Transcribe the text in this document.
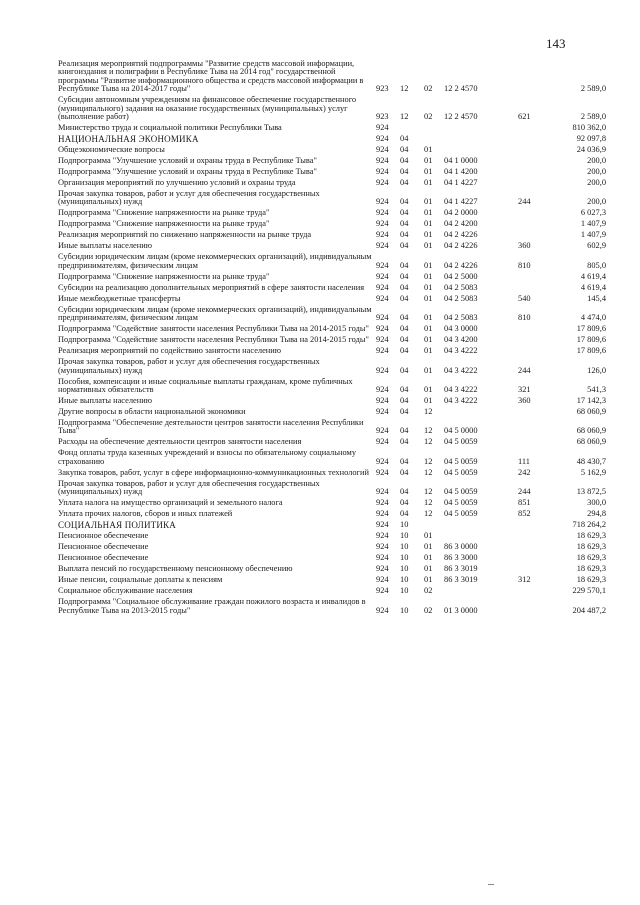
143
Реализация мероприятий подпрограммы "Развитие средств массовой информации, книгоиздания и полиграфии в Республике Тыва на 2014 год" государственной программы "Развитие информационного общества и средств массовой информации в Республике Тыва на 2014-2017 годы"	923	12	02	12 2 4570	2 589,0
Субсидии автономным учреждениям на финансовое обеспечение государственного (муниципального) задания на оказание государственных (муниципальных) услуг (выполнение работ)	923	12	02	12 2 4570	621	2 589,0
Министерство труда и социальной политики Республики Тыва	924	810 362,0
НАЦИОНАЛЬНАЯ ЭКОНОМИКА	924	04	92 097,8
Общеэкономические вопросы	924	04	01	24 036,9
Подпрограмма "Улучшение условий и охраны труда в Республике Тыва"	924	04	01	04 1 0000	200,0
Подпрограмма "Улучшение условий и охраны труда в Республике Тыва"	924	04	01	04 1 4200	200,0
Организация мероприятий по улучшению условий и охраны труда	924	04	01	04 1 4227	200,0
Прочая закупка товаров, работ и услуг для обеспечения государственных (муниципальных) нужд	924	04	01	04 1 4227	244	200,0
Подпрограмма "Снижение напряженности на рынке труда"	924	04	01	04 2 0000	6 027,3
Подпрограмма "Снижение напряженности на рынке труда"	924	04	01	04 2 4200	1 407,9
Реализация мероприятий по снижению напряженности на рынке труда	924	04	01	04 2 4226	1 407,9
Иные выплаты населению	924	04	01	04 2 4226	360	602,9
Субсидии юридическим лицам (кроме некоммерческих организаций), индивидуальным предпринимателям, физическим лицам	924	04	01	04 2 4226	810	805,0
Подпрограмма "Снижение напряженности на рынке труда"	924	04	01	04 2 5000	4 619,4
Субсидии на реализацию дополнительных мероприятий в сфере занятости населения	924	04	01	04 2 5083	4 619,4
Иные межбюджетные трансферты	924	04	01	04 2 5083	540	145,4
Субсидии юридическим лицам (кроме некоммерческих организаций), индивидуальным предпринимателям, физическим лицам	924	04	01	04 2 5083	810	4 474,0
Подпрограмма "Содействие занятости населения Республики Тыва на 2014-2015 годы" 924	04	01	04 3 0000	17 809,6
Подпрограмма "Содействие занятости населения Республики Тыва на 2014-2015 годы" 924	04	01	04 3 4200	17 809,6
Реализация мероприятий по содействию занятости населению	924	04	01	04 3 4222	17 809,6
Прочая закупка товаров, работ и услуг для обеспечения государственных (муниципальных) нужд	924	04	01	04 3 4222	244	126,0
Пособия, компенсации и иные социальные выплаты гражданам, кроме публичных нормативных обязательств	924	04	01	04 3 4222	321	541,3
Иные выплаты населению	924	04	01	04 3 4222	360	17 142,3
Другие вопросы в области национальной экономики	924	04	12	68 060,9
Подпрограмма "Обеспечение деятельности центров занятости населения Республики Тыва"	924	04	12	04 5 0000	68 060,9
Расходы на обеспечение деятельности центров занятости населения	924	04	12	04 5 0059	68 060,9
Фонд оплаты труда казенных учреждений и взносы по обязательному социальному страхованию	924	04	12	04 5 0059	111	48 430,7
Закупка товаров, работ, услуг в сфере информационно-коммуникационных технологий 924	04	12	04 5 0059	242	5 162,9
Прочая закупка товаров, работ и услуг для обеспечения государственных (муниципальных) нужд	924	04	12	04 5 0059	244	13 872,5
Уплата налога на имущество организаций и земельного налога	924	04	12	04 5 0059	851	300,0
Уплата прочих налогов, сборов и иных платежей	924	04	12	04 5 0059	852	294,8
СОЦИАЛЬНАЯ ПОЛИТИКА	924	10	718 264,2
Пенсионное обеспечение	924	10	01	18 629,3
Пенсионное обеспечение	924	10	01	86 3 0000	18 629,3
Пенсионное обеспечение	924	10	01	86 3 3000	18 629,3
Выплата пенсий по государственному пенсионному обеспечению	924	10	01	86 3 3019	18 629,3
Иные пенсии, социальные доплаты к пенсиям	924	10	01	86 3 3019	312	18 629,3
Социальное обслуживание населения	924	10	02	229 570,1
Подпрограмма "Социальное обслуживание граждан пожилого возраста и инвалидов в Республике Тыва на 2013-2015 годы"	924	10	02	01 3 0000	204 487,2
